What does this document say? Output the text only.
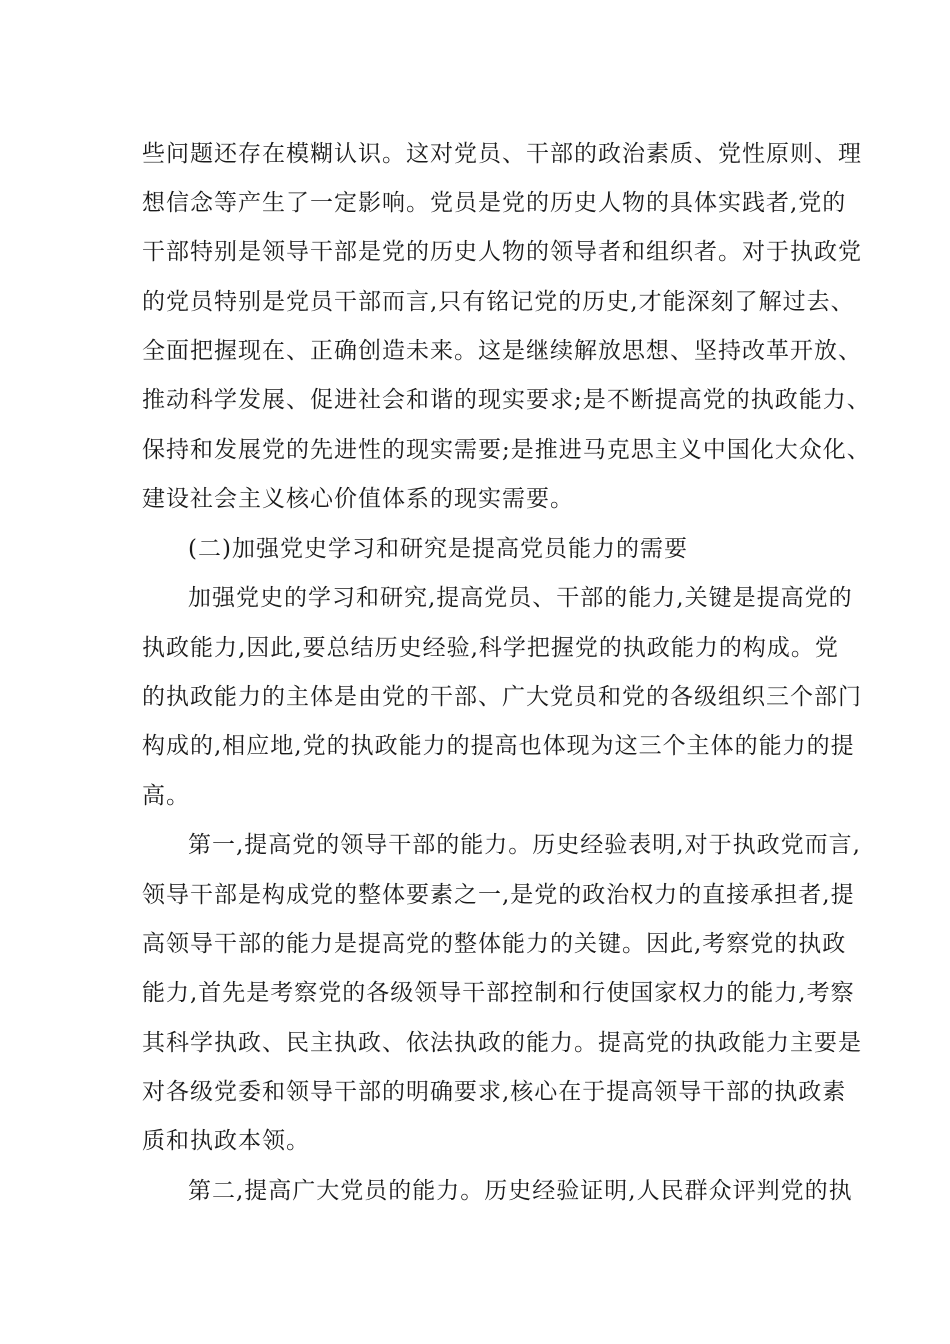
些问题还存在模糊认识。这对党员、干部的政治素质、党性原则、理
想信念等产生了一定影响。党员是党的历史人物的具体实践者,党的
干部特别是领导干部是党的历史人物的领导者和组织者。对于执政党
的党员特别是党员干部而言,只有铭记党的历史,才能深刻了解过去、
全面把握现在、正确创造未来。这是继续解放思想、坚持改革开放、
推动科学发展、促进社会和谐的现实要求;是不断提高党的执政能力、
保持和发展党的先进性的现实需要;是推进马克思主义中国化大众化、
建设社会主义核心价值体系的现实需要。
(二)加强党史学习和研究是提高党员能力的需要
加强党史的学习和研究,提高党员、干部的能力,关键是提高党的
执政能力,因此,要总结历史经验,科学把握党的执政能力的构成。党
的执政能力的主体是由党的干部、广大党员和党的各级组织三个部门
构成的,相应地,党的执政能力的提高也体现为这三个主体的能力的提
高。
第一,提高党的领导干部的能力。历史经验表明,对于执政党而言,
领导干部是构成党的整体要素之一,是党的政治权力的直接承担者,提
高领导干部的能力是提高党的整体能力的关键。因此,考察党的执政
能力,首先是考察党的各级领导干部控制和行使国家权力的能力,考察
其科学执政、民主执政、依法执政的能力。提高党的执政能力主要是
对各级党委和领导干部的明确要求,核心在于提高领导干部的执政素
质和执政本领。
第二,提高广大党员的能力。历史经验证明,人民群众评判党的执
